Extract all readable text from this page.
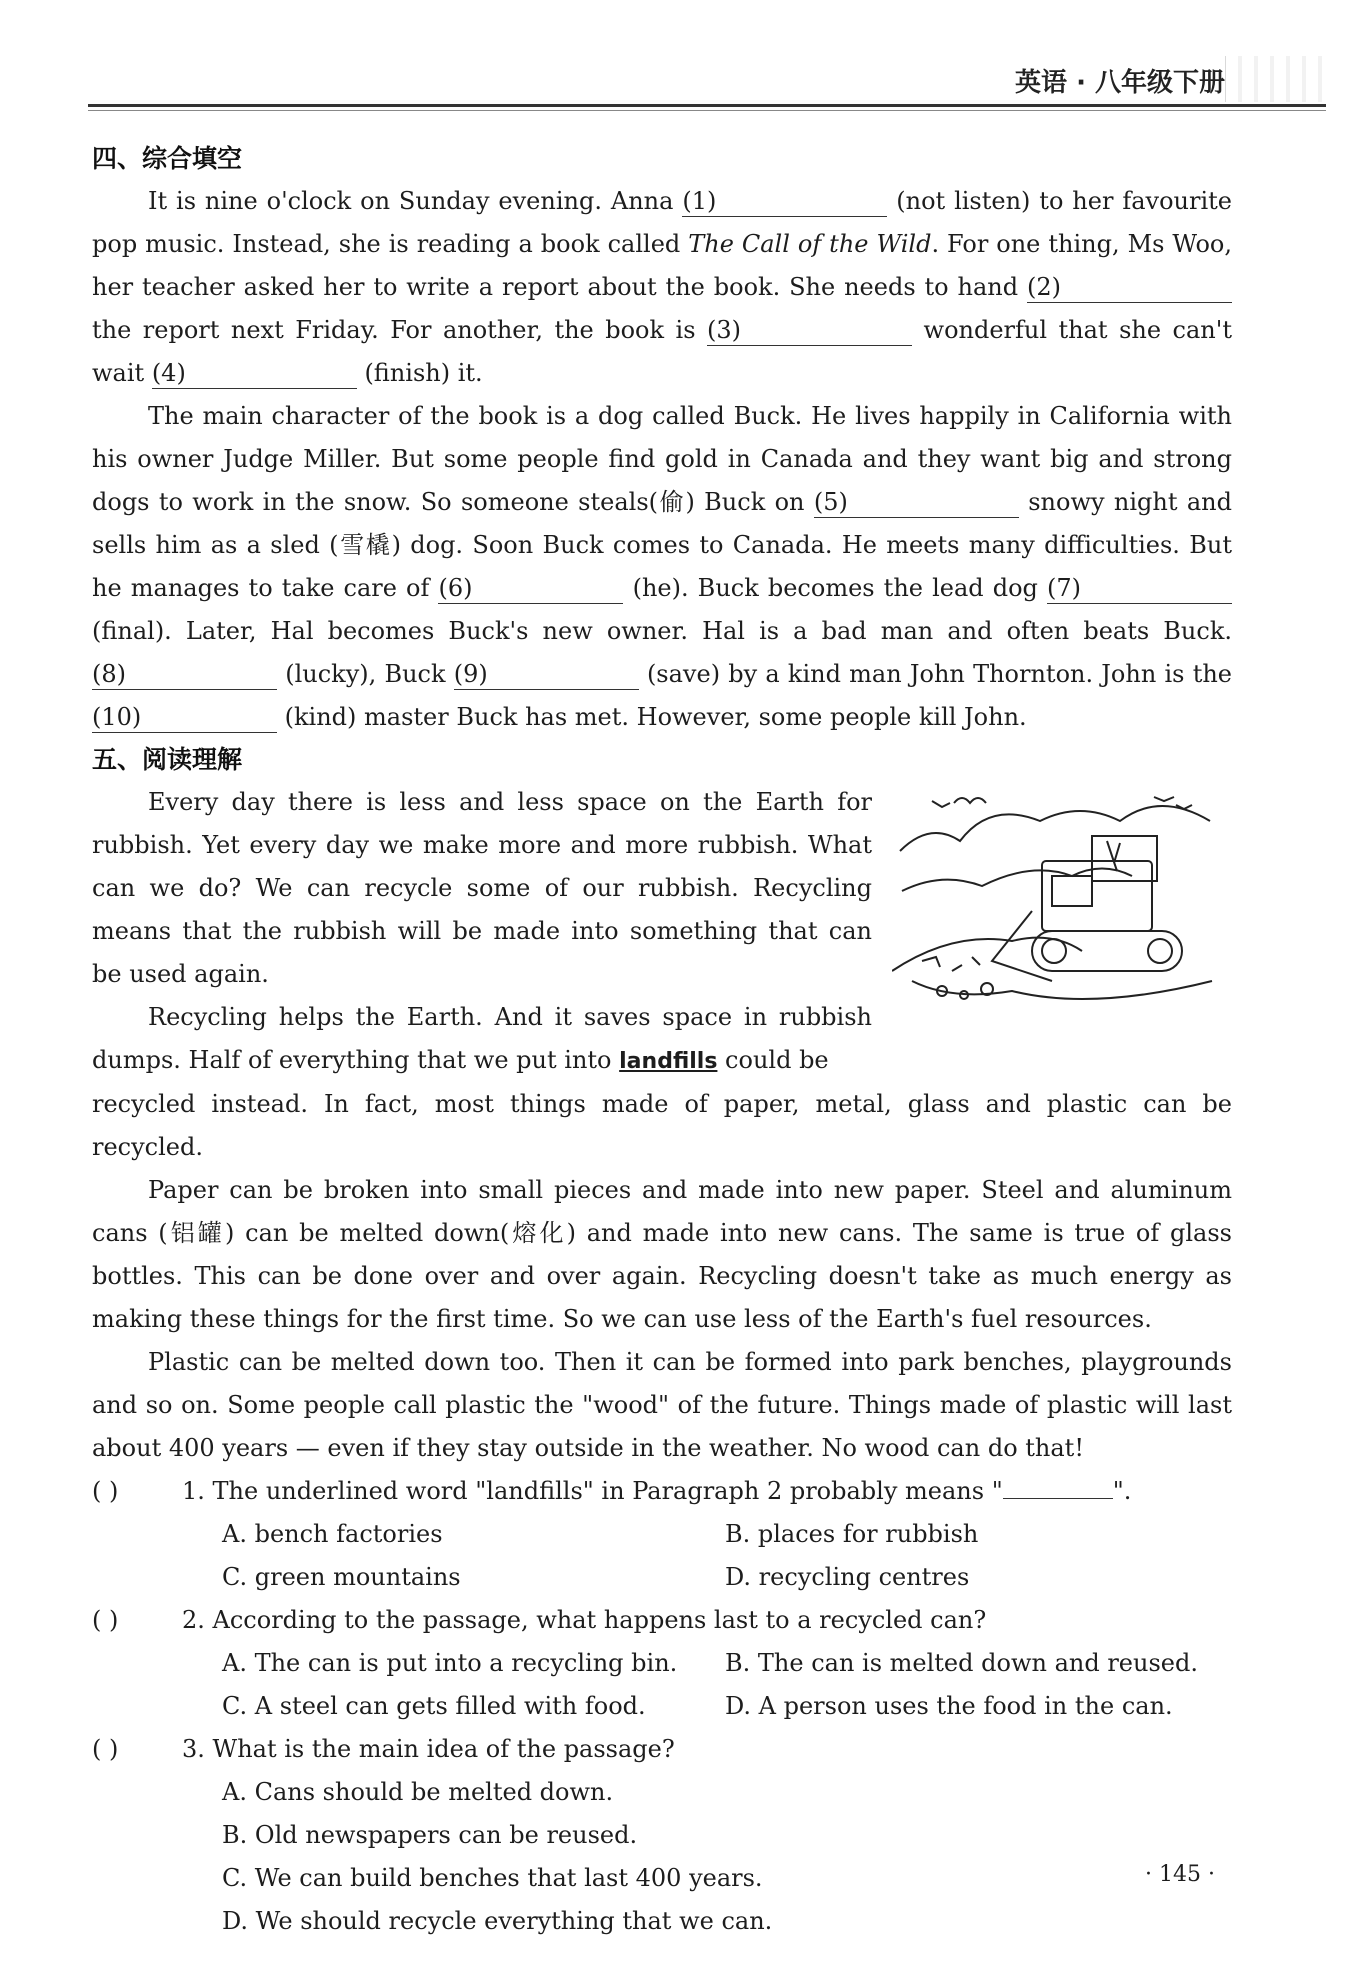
英语 · 八年级下册
四、综合填空

It is nine o'clock on Sunday evening. Anna (1)	(not listen) to her favourite pop music. Instead, she is reading a book called The Call of the Wild. For one thing, Ms Woo, her teacher asked her to write a report about the book. She needs to hand (2) the report next Friday. For another, the book is (3)	wonderful that she can't wait (4)	(finish) it.

The main character of the book is a dog called Buck. He lives happily in California with his owner Judge Miller. But some people find gold in Canada and they want big and strong dogs to work in the snow. So someone steals(偷) Buck on (5)	snowy night and sells him as a sled (雪橇) dog. Soon Buck comes to Canada. He meets many difficulties. But he manages to take care of (6)	(he). Buck becomes the lead dog (7) (final). Later, Hal becomes Buck's new owner. Hal is a bad man and often beats Buck. (8)	(lucky), Buck (9)	(save) by a kind man John Thornton. John is the (10)	(kind) master Buck has met. However, some people kill John.

五、阅读理解

Every day there is less and less space on the Earth for rubbish. Yet every day we make more and more rubbish. What can we do? We can recycle some of our rubbish. Recycling means that the rubbish will be made into something that can be used again.

Recycling helps the Earth. And it saves space in rubbish dumps. Half of everything that we put into landfills could be

recycled instead. In fact, most things made of paper, metal, glass and plastic can be recycled.

Paper can be broken into small pieces and made into new paper. Steel and aluminum cans (铝罐) can be melted down(熔化) and made into new cans. The same is true of glass bottles. This can be done over and over again. Recycling doesn't take as much energy as making these things for the first time. So we can use less of the Earth's fuel resources.

Plastic can be melted down too. Then it can be formed into park benches, playgrounds and so on. Some people call plastic the "wood" of the future. Things made of plastic will last about 400 years — even if they stay outside in the weather. No wood can do that!

( )	1. The underlined word "landfills" in Paragraph 2 probably means "	".
A. bench factories	B. places for rubbish
C. green mountains	D. recycling centres
( )	2. According to the passage, what happens last to a recycled can?
A. The can is put into a recycling bin. B. The can is melted down and reused.
C. A steel can gets filled with food.	D. A person uses the food in the can.
( )	3. What is the main idea of the passage?
A. Cans should be melted down.
B. Old newspapers can be reused.
C. We can build benches that last 400 years.
D. We should recycle everything that we can.
· 145 ·
